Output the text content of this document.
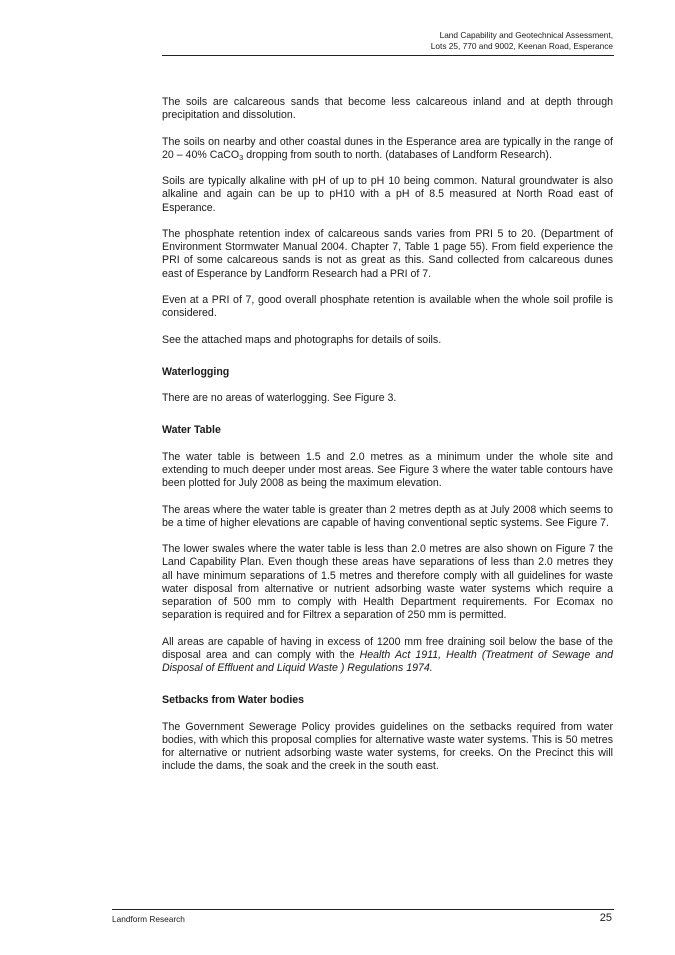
Land Capability and Geotechnical Assessment,
Lots 25, 770 and 9002, Keenan Road, Esperance

The soils are calcareous sands that become less calcareous inland and at depth through precipitation and dissolution.

The soils on nearby and other coastal dunes in the Esperance area are typically in the range of 20 – 40% CaCO$_3$ dropping from south to north. (databases of Landform Research).

Soils are typically alkaline with pH of up to pH 10 being common. Natural groundwater is also alkaline and again can be up to pH10 with a pH of 8.5 measured at North Road east of Esperance.

The phosphate retention index of calcareous sands varies from PRI 5 to 20. (Department of Environment Stormwater Manual 2004. Chapter 7, Table 1 page 55). From field experience the PRI of some calcareous sands is not as great as this. Sand collected from calcareous dunes east of Esperance by Landform Research had a PRI of 7.

Even at a PRI of 7, good overall phosphate retention is available when the whole soil profile is considered.

See the attached maps and photographs for details of soils.

Waterlogging

There are no areas of waterlogging. See Figure 3.

Water Table

The water table is between 1.5 and 2.0 metres as a minimum under the whole site and extending to much deeper under most areas. See Figure 3 where the water table contours have been plotted for July 2008 as being the maximum elevation.

The areas where the water table is greater than 2 metres depth as at July 2008 which seems to be a time of higher elevations are capable of having conventional septic systems. See Figure 7.

The lower swales where the water table is less than 2.0 metres are also shown on Figure 7 the Land Capability Plan. Even though these areas have separations of less than 2.0 metres they all have minimum separations of 1.5 metres and therefore comply with all guidelines for waste water disposal from alternative or nutrient adsorbing waste water systems which require a separation of 500 mm to comply with Health Department requirements. For Ecomax no separation is required and for Filtrex a separation of 250 mm is permitted.

All areas are capable of having in excess of 1200 mm free draining soil below the base of the disposal area and can comply with the Health Act 1911, Health (Treatment of Sewage and Disposal of Effluent and Liquid Waste ) Regulations 1974.

Setbacks from Water bodies

The Government Sewerage Policy provides guidelines on the setbacks required from water bodies, with which this proposal complies for alternative waste water systems. This is 50 metres for alternative or nutrient adsorbing waste water systems, for creeks. On the Precinct this will include the dams, the soak and the creek in the south east.

Landform Research	25
